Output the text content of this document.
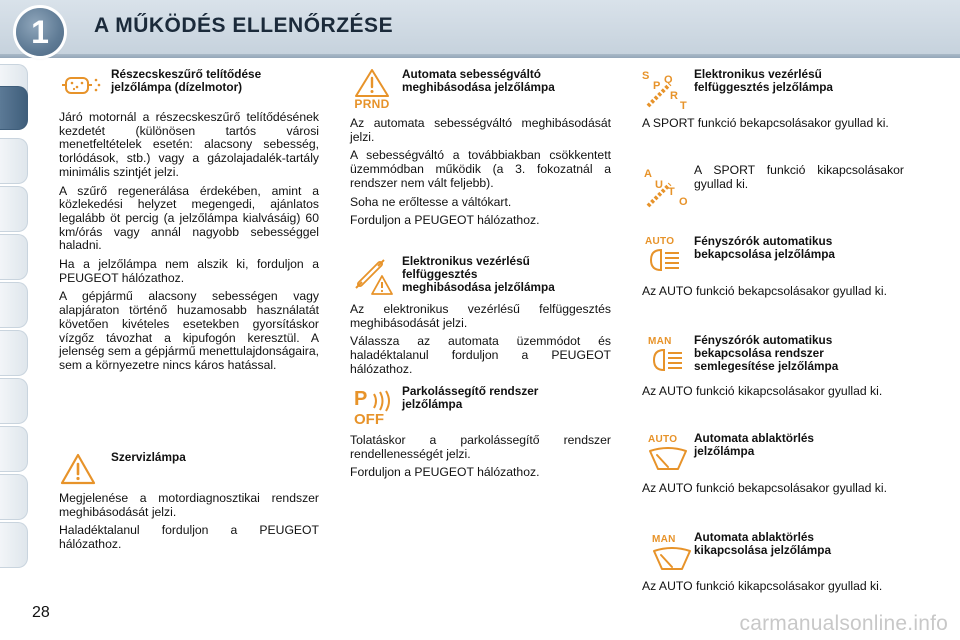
1	A MŰKÖDÉS ELLENŐRZÉSE
Részecskeszűrő telítődése
jelzőlámpa (dízelmotor)
Járó motornál a részecskeszűrő telítődésének kezdetét (különösen tartós városi menetfeltételek esetén: alacsony sebesség, torlódások, stb.) vagy a gázolajadalék-tartály minimális szintjét jelzi.
A szűrő regenerálása érdekében, amint a közlekedési helyzet megengedi, ajánlatos legalább öt percig (a jelzőlámpa kialvásáig) 60 km/órás vagy annál nagyobb sebességgel haladni.
Ha a jelzőlámpa nem alszik ki, forduljon a PEUGEOT hálózathoz.
A gépjármű alacsony sebességen vagy alapjáraton történő huzamosabb használatát követően kivételes esetekben gyorsításkor vízgőz távozhat a kipufogón keresztül. A jelenség sem a gépjármű menettulajdonságaira, sem a környezetre nincs káros hatással.
Szervizlámpa
Megjelenése a motordiagnosztikai rendszer meghibásodását jelzi.
Haladéktalanul forduljon a PEUGEOT hálózathoz.
PRND
Automata sebességváltó
meghibásodása jelzőlámpa
Az automata sebességváltó meghibásodását jelzi.
A sebességváltó a továbbiakban csökkentett üzemmódban működik (a 3. fokozatnál a rendszer nem vált feljebb).
Soha ne erőltesse a váltókart.
Forduljon a PEUGEOT hálózathoz.
Elektronikus vezérlésű
felfüggesztés
meghibásodása jelzőlámpa
Az elektronikus vezérlésű felfüggesztés meghibásodását jelzi.
Válassza az automata üzemmódot és haladéktalanul forduljon a PEUGEOT hálózathoz.
P
OFF
Parkolássegítő rendszer
jelzőlámpa
Tolatáskor a parkolássegítő rendszer rendellenességét jelzi.
Forduljon a PEUGEOT hálózathoz.
S
P O
R
T
Elektronikus vezérlésű
felfüggesztés jelzőlámpa
A SPORT funkció bekapcsolásakor gyullad ki.
A
U
T
O
A SPORT funkció kikapcsolásakor gyullad ki.
AUTO	Fényszórók automatikus
bekapcsolása jelzőlámpa
Az AUTO funkció bekapcsolásakor gyullad ki.
MAN	Fényszórók automatikus
bekapcsolása rendszer
semlegesítése jelzőlámpa
Az AUTO funkció kikapcsolásakor gyullad ki.
AUTO	Automata ablaktörlés
jelzőlámpa
Az AUTO funkció bekapcsolásakor gyullad ki.
MAN	Automata ablaktörlés
kikapcsolása jelzőlámpa
Az AUTO funkció kikapcsolásakor gyullad ki.
28	carmanualsonline.info
